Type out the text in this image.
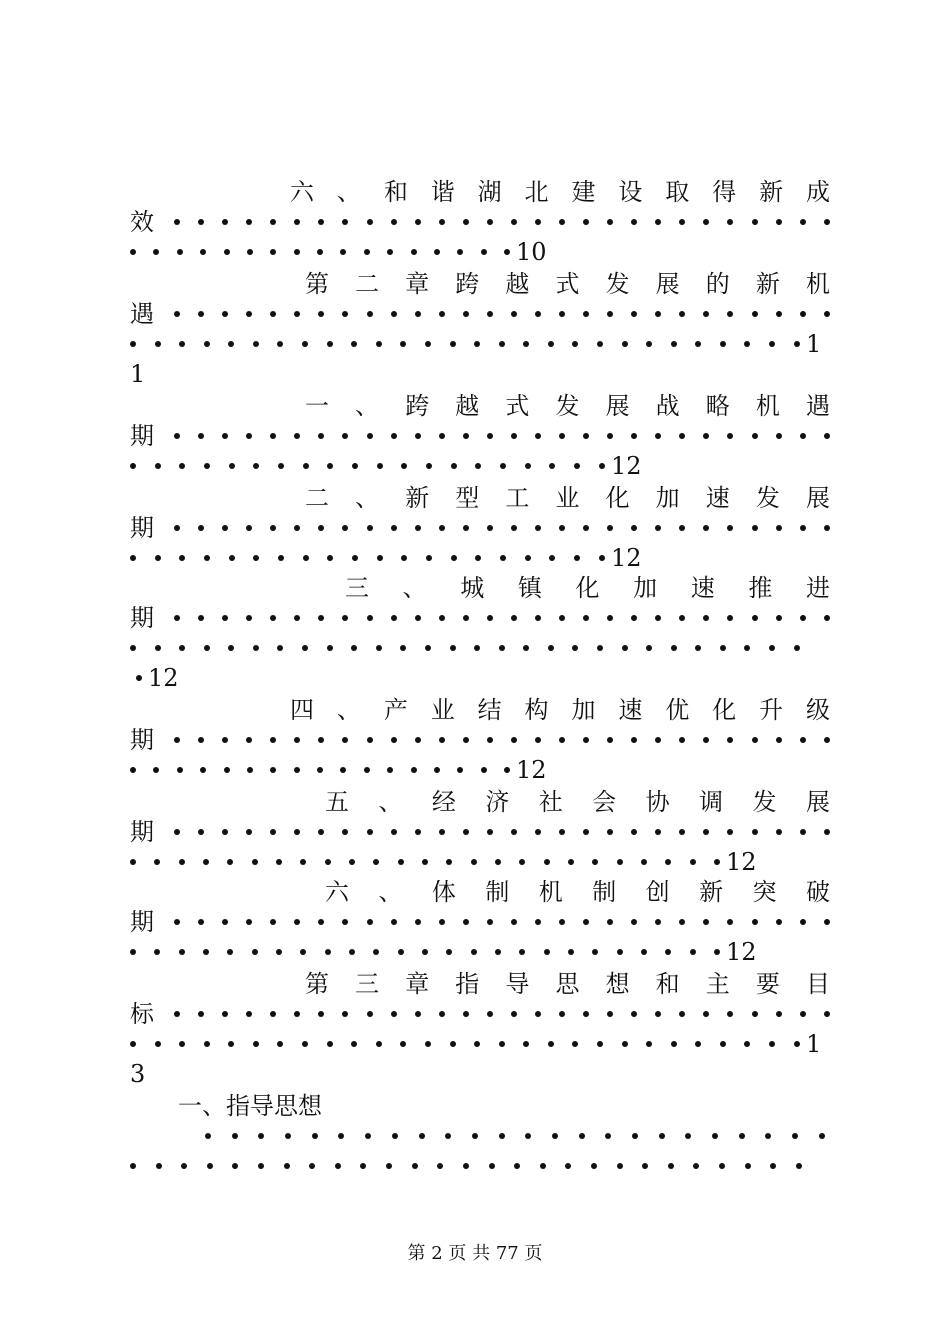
六 、 和 谐 湖 北 建 设 取 得 新 成
效
10
第 二 章 跨 越 式 发 展 的 新 机
遇
1
1
一 、 跨 越 式 发 展 战 略 机 遇
期
12
二 、 新 型 工 业 化 加 速 发 展
期
12
三 、 城 镇 化 加 速 推 进
期
12
四 、 产 业 结 构 加 速 优 化 升 级
期
12
五 、 经 济 社 会 协 调 发 展
期
12
六 、 体 制 机 制 创 新 突 破
期
12
第 三 章 指 导 思 想 和 主 要 目
标
1
3
一、指导思想
第 2 页 共 77 页
